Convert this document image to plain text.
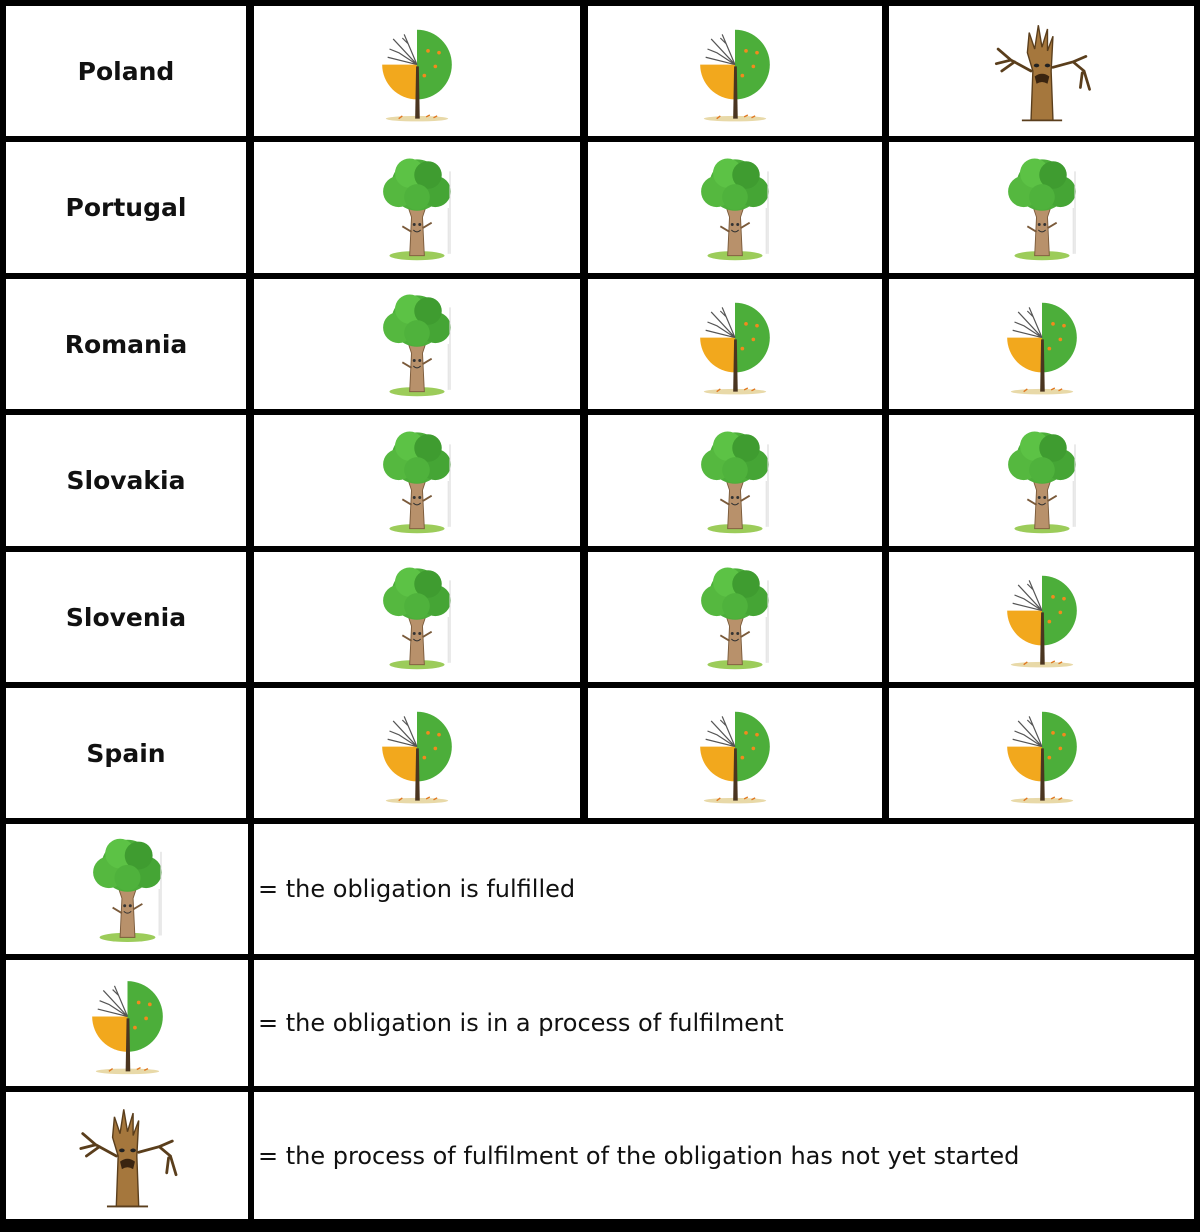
Poland
Portugal
Romania
Slovakia
Slovenia
Spain
= the obligation is fulfilled
= the obligation is in a process of fulfilment
= the process of fulfilment of the obligation has not yet started
